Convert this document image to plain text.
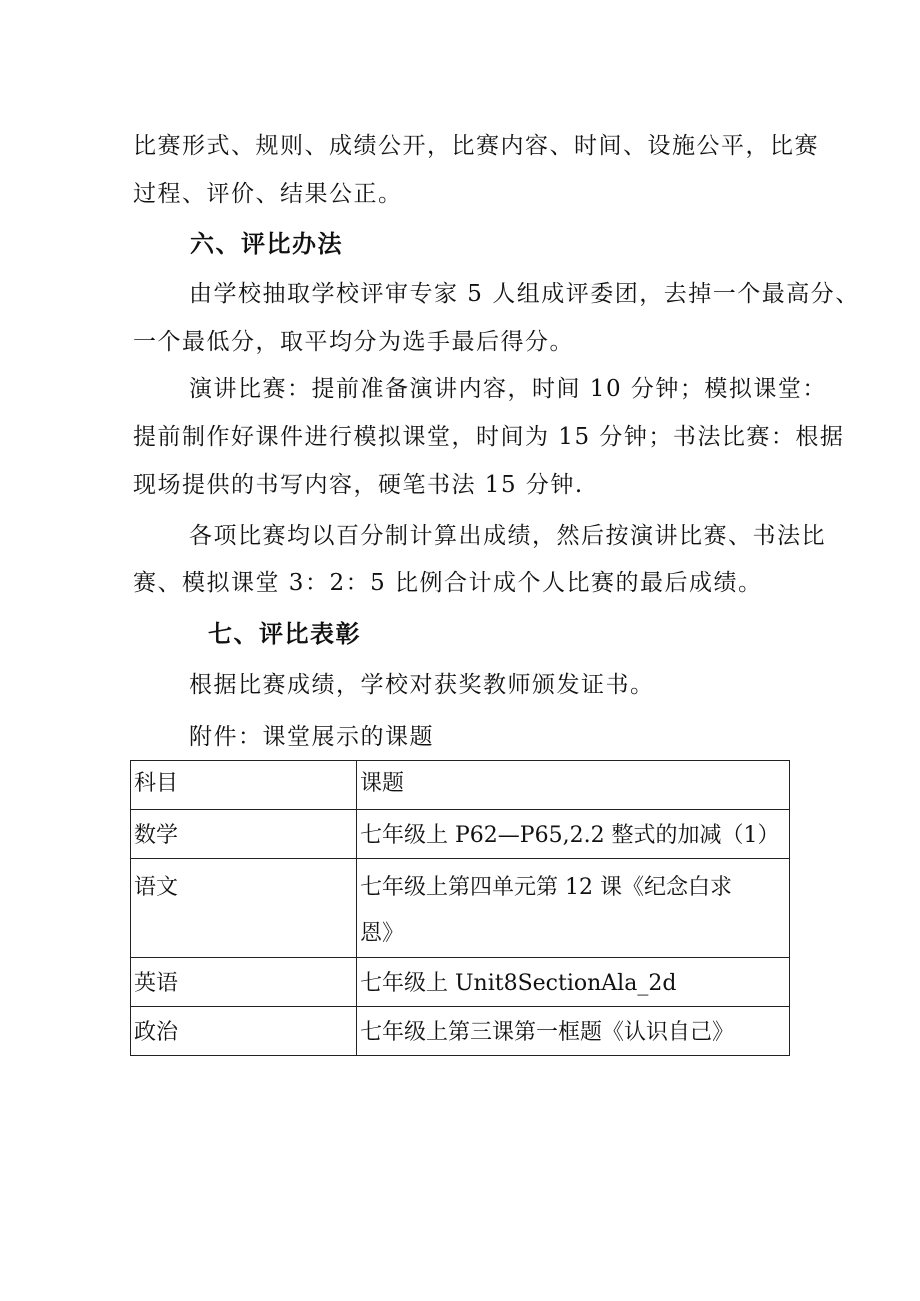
比赛形式、规则、成绩公开，比赛内容、时间、设施公平，比赛
过程、评价、结果公正。
六、评比办法
由学校抽取学校评审专家 5 人组成评委团，去掉一个最高分、
一个最低分，取平均分为选手最后得分。
演讲比赛：提前准备演讲内容，时间 10 分钟；模拟课堂：
提前制作好课件进行模拟课堂，时间为 15 分钟；书法比赛：根据
现场提供的书写内容，硬笔书法 15 分钟.
各项比赛均以百分制计算出成绩，然后按演讲比赛、书法比
赛、模拟课堂 3：2：5 比例合计成个人比赛的最后成绩。
七、评比表彰
根据比赛成绩，学校对获奖教师颁发证书。
附件：课堂展示的课题
科目	课题
数学	七年级上 P62—P65,2.2 整式的加减（1）
语文	七年级上第四单元第 12 课《纪念白求
恩》

英语	七年级上 Unit8SectionAla_2d
政治	七年级上第三课第一框题《认识自己》
